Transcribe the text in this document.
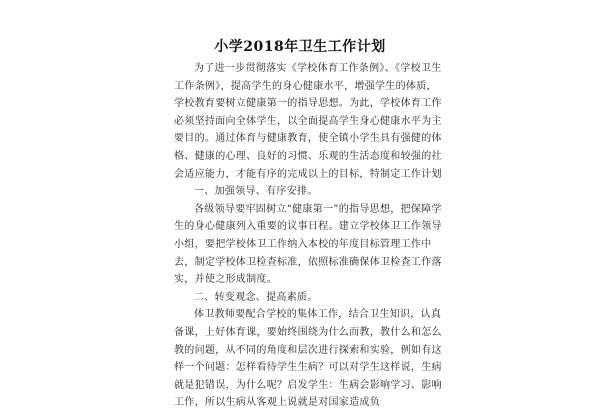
小学2018年卫生工作计划

为了进一步贯彻落实《学校体育工作条例》、《学校卫生工作条例》，提高学生的身心健康水平，增强学生的体质，学校教育要树立健康第一的指导思想。为此，学校体育工作必须坚持面向全体学生，以全面提高学生身心健康水平为主要目的。通过体育与健康教育，使全镇小学生具有强健的体格、健康的心理、良好的习惯、乐观的生活态度和较强的社会适应能力，才能有序的完成以上的目标，特制定工作计划

一、加强领导、有序安排。

各级领导要牢固树立“健康第一”的指导思想，把保障学生的身心健康列入重要的议事日程。建立学校体卫工作领导小组，要把学校体卫工作纳入本校的年度目标管理工作中去，制定学校体卫检查标准，依照标准确保体卫检查工作落实，并使之形成制度。

二、转变观念、提高素质。

体卫教师要配合学校的集体工作，结合卫生知识，认真备课，上好体育课，要始终围绕为什么而教，教什么和怎么教的问题，从不同的角度和层次进行探索和实验，例如有这样一个问题：怎样看待学生生病？可以对学生这样说，生病就是犯错误，为什么呢？启发学生：生病会影响学习、影响工作，所以生病从客观上说就是对国家造成负
